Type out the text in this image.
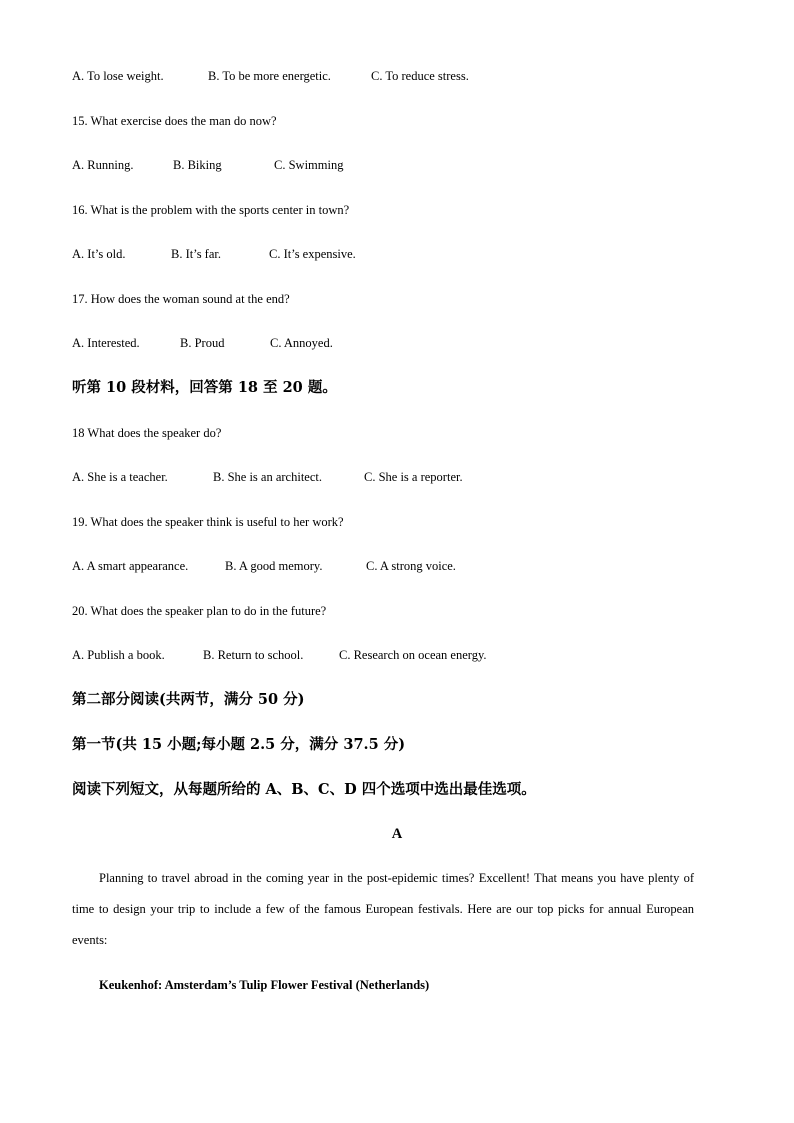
A. To lose weight.	B. To be more energetic.	C. To reduce stress.
15. What exercise does the man do now?
A. Running.	B. Biking	C. Swimming
16. What is the problem with the sports center in town?
A. It’s old.	B. It’s far.	C. It’s expensive.
17. How does the woman sound at the end?
A. Interested.	B. Proud	C. Annoyed.
听第 10 段材料，回答第 18 至 20 题。
18 What does the speaker do?
A. She is a teacher.	B. She is an architect.	C. She is a reporter.
19. What does the speaker think is useful to her work?
A. A smart appearance.	B. A good memory.	C. A strong voice.
20. What does the speaker plan to do in the future?
A. Publish a book.	B. Return to school.	C. Research on ocean energy.
第二部分阅读(共两节，满分 50 分)
第一节(共 15 小题;每小题 2.5 分，满分 37.5 分)
阅读下列短文，从每题所给的 A、B、C、D 四个选项中选出最佳选项。
A
Planning to travel abroad in the coming year in the post-epidemic times? Excellent! That means you have plenty of time to design your trip to include a few of the famous European festivals. Here are our top picks for annual European events:
Keukenhof: Amsterdam’s Tulip Flower Festival (Netherlands)
